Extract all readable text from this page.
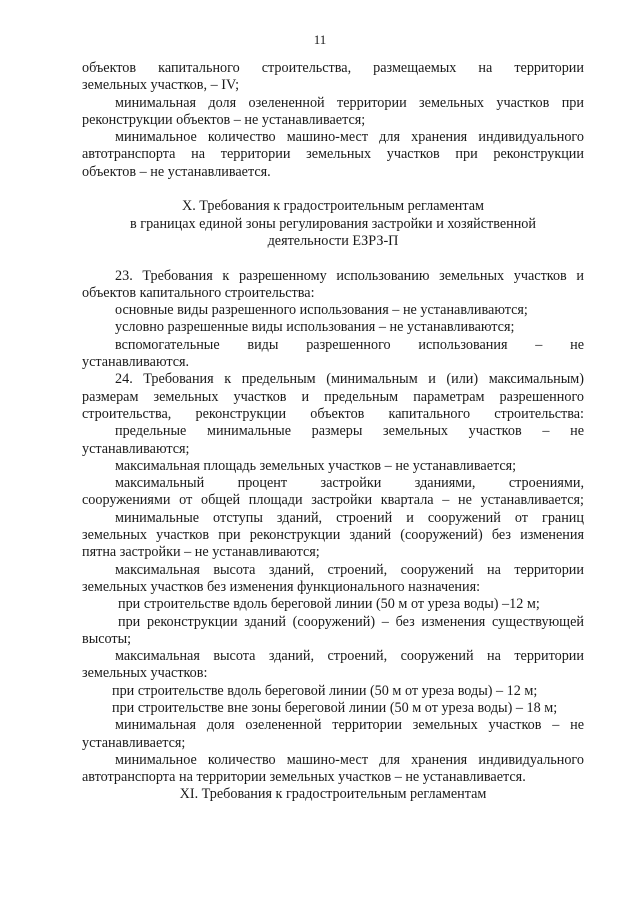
11
объектов капитального строительства, размещаемых на территории
земельных участков, – IV;
минимальная доля озелененной территории земельных участков при
реконструкции объектов – не устанавливается;
минимальное количество машино-мест для хранения индивидуального
автотранспорта на территории земельных участков при реконструкции
объектов – не устанавливается.
X. Требования к градостроительным регламентам
в границах единой зоны регулирования застройки и хозяйственной
деятельности ЕЗРЗ-П
23. Требования к разрешенному использованию земельных участков и
объектов капитального строительства:
основные виды разрешенного использования – не устанавливаются;
условно разрешенные виды использования – не устанавливаются;
вспомогательные виды разрешенного использования – не
устанавливаются.
24. Требования к предельным (минимальным и (или) максимальным)
размерам земельных участков и предельным параметрам разрешенного
строительства, реконструкции объектов капитального строительства:
предельные минимальные размеры земельных участков – не
устанавливаются;
максимальная площадь земельных участков – не устанавливается;
максимальный процент застройки зданиями, строениями,
сооружениями от общей площади застройки квартала – не устанавливается;
минимальные отступы зданий, строений и сооружений от границ
земельных участков при реконструкции зданий (сооружений) без изменения
пятна застройки – не устанавливаются;
максимальная высота зданий, строений, сооружений на территории
земельных участков без изменения функционального назначения:
при строительстве вдоль береговой линии (50 м от уреза воды) –12 м;
при реконструкции зданий (сооружений) – без изменения существующей
высоты;
максимальная высота зданий, строений, сооружений на территории
земельных участков:
при строительстве вдоль береговой линии (50 м от уреза воды) – 12 м;
при строительстве вне зоны береговой линии (50 м от уреза воды) – 18 м;
минимальная доля озелененной территории земельных участков – не
устанавливается;
минимальное количество машино-мест для хранения индивидуального
автотранспорта на территории земельных участков – не устанавливается.
XI. Требования к градостроительным регламентам
